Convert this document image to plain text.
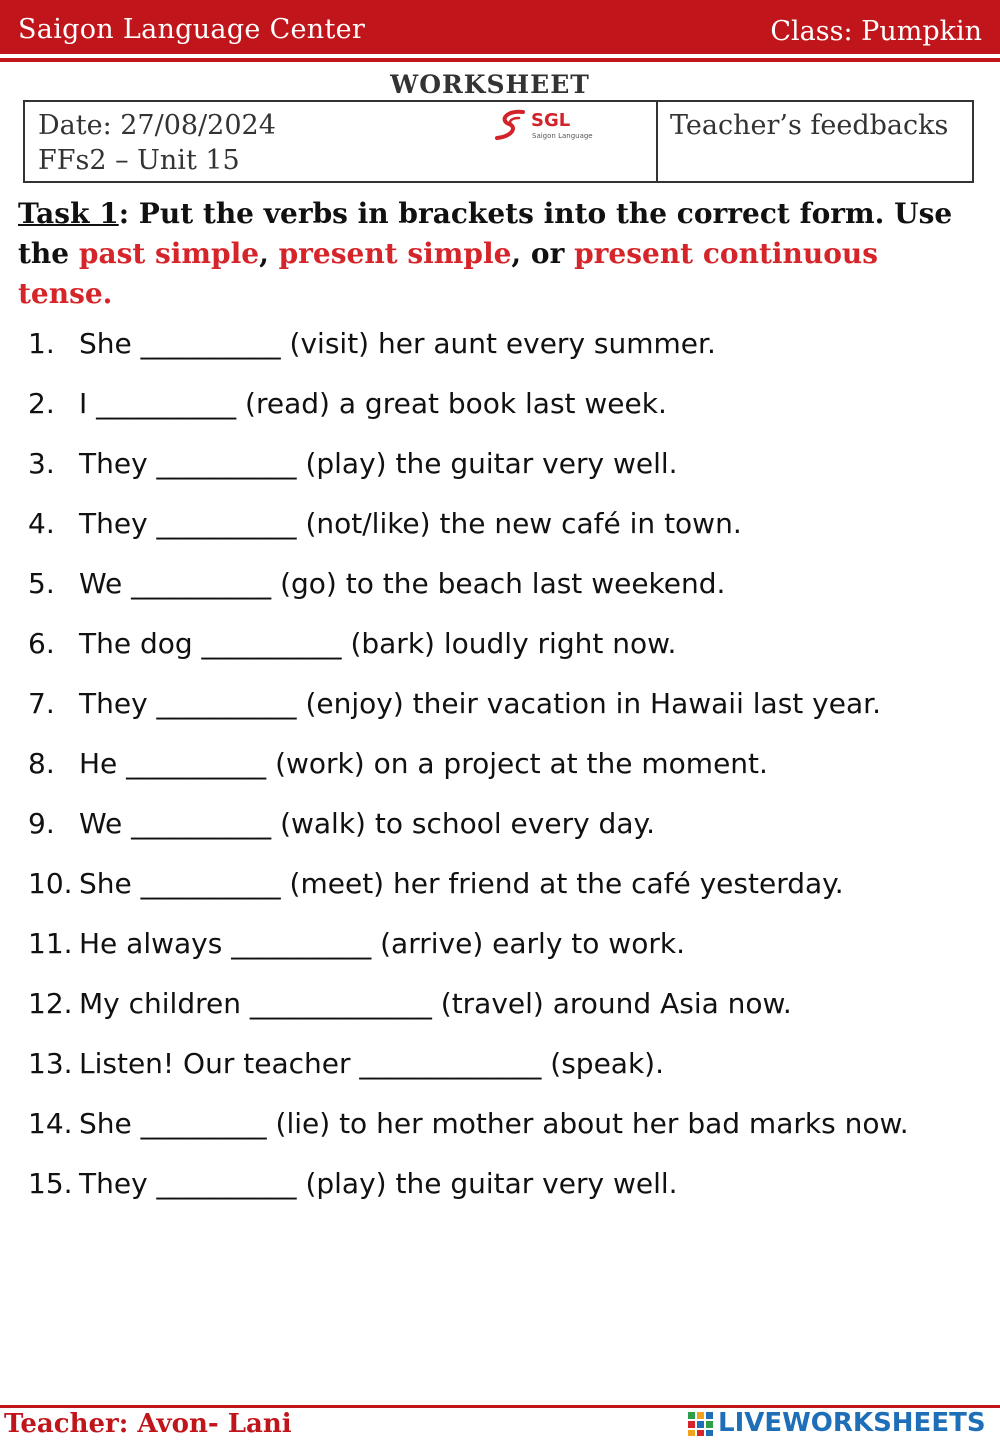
Saigon Language Center	Class: Pumpkin
WORKSHEET
Date: 27/08/2024
FFs2 – Unit 15
SGL
Saigon Language	Teacher’s feedbacks
Task 1: Put the verbs in brackets into the correct form. Use the past simple, present simple, or present continuous tense.
1. She __________ (visit) her aunt every summer.
2. I __________ (read) a great book last week.
3. They __________ (play) the guitar very well.
4. They __________ (not/like) the new café in town.
5. We __________ (go) to the beach last weekend.
6. The dog __________ (bark) loudly right now.
7. They __________ (enjoy) their vacation in Hawaii last year.
8. He __________ (work) on a project at the moment.
9. We __________ (walk) to school every day.
10. She __________ (meet) her friend at the café yesterday.
11. He always __________ (arrive) early to work.
12. My children _____________ (travel) around Asia now.
13. Listen! Our teacher _____________ (speak).
14. She _________ (lie) to her mother about her bad marks now.
15. They __________ (play) the guitar very well.
Teacher: Avon- Lani	LIVEWORKSHEETS
